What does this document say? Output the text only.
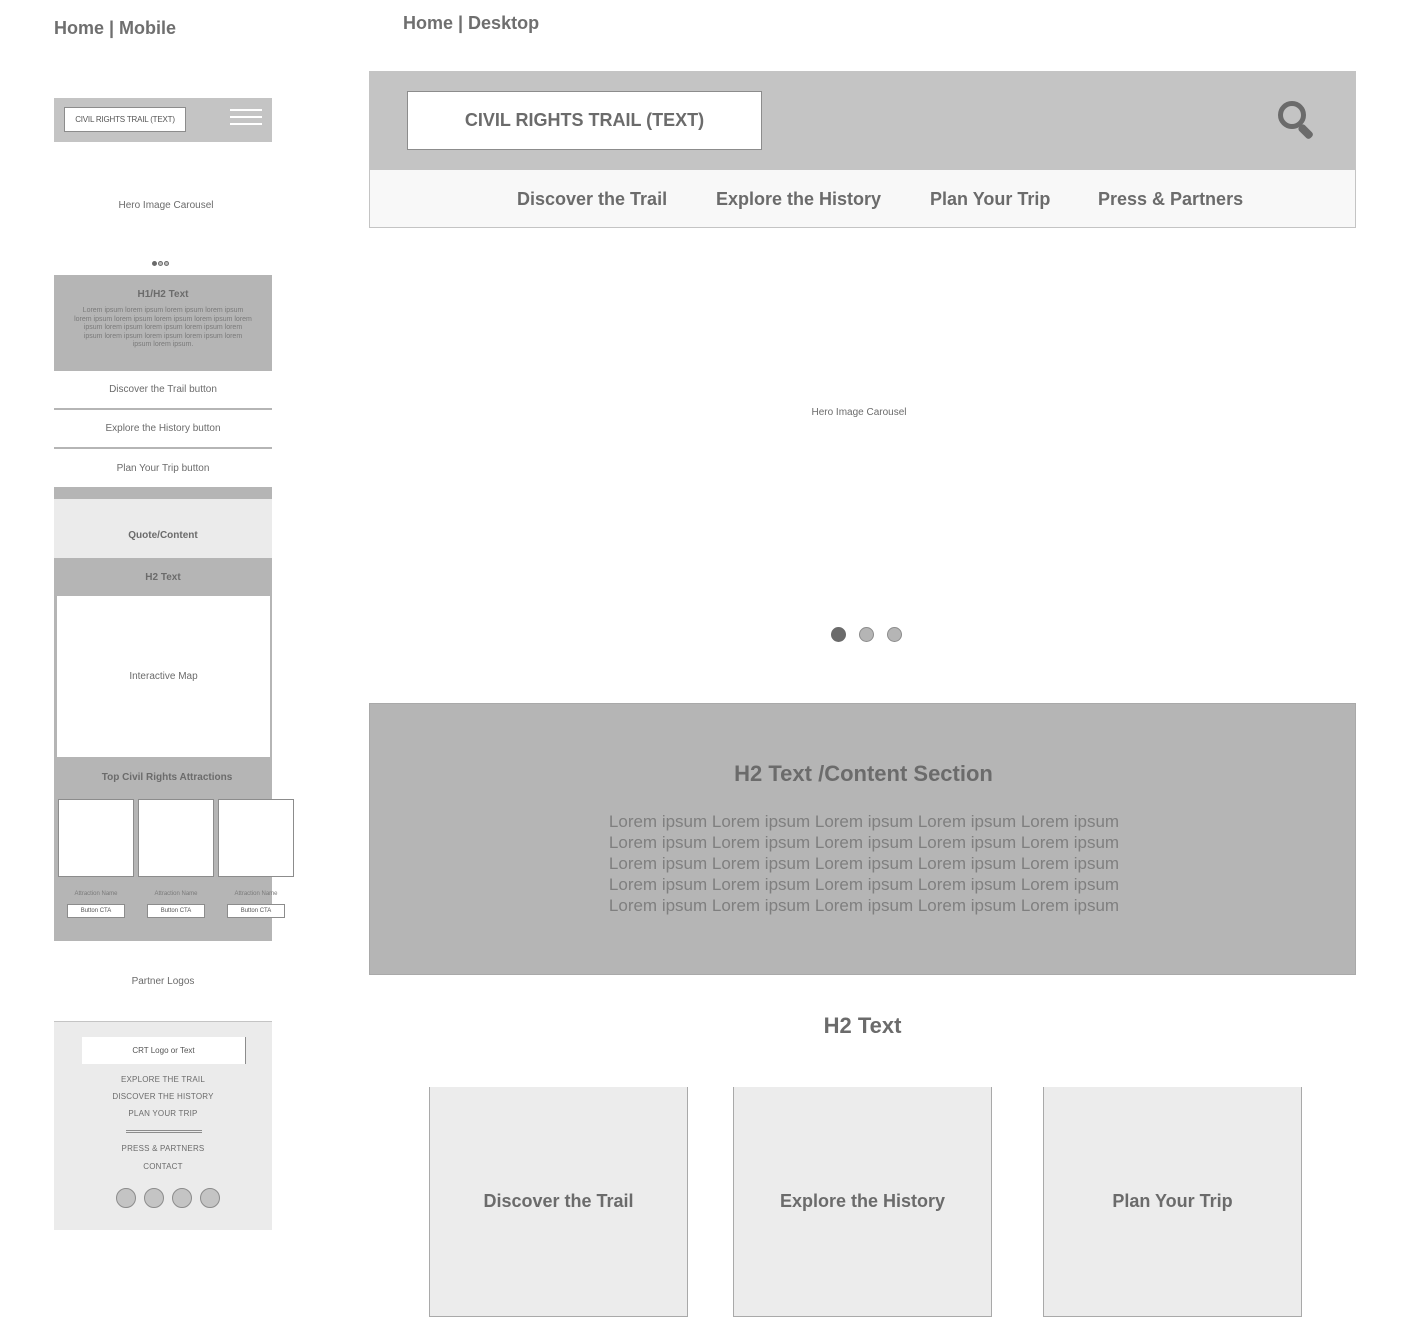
Home | Mobile
CIVIL RIGHTS TRAIL (TEXT)
Hero Image Carousel
H1/H2 Text
Lorem ipsum lorem ipsum lorem ipsum lorem ipsum lorem ipsum lorem ipsum lorem ipsum lorem ipsum lorem ipsum lorem ipsum lorem ipsum lorem ipsum lorem ipsum lorem ipsum lorem ipsum lorem ipsum lorem ipsum lorem ipsum.
Discover the Trail button
Explore the History button
Plan Your Trip button
Quote/Content
H2 Text
Interactive Map
Top Civil Rights Attractions
Attraction Name
Button CTA
Attraction Name
Button CTA
Attraction Name
Button CTA
Partner Logos
CRT Logo or Text
EXPLORE THE TRAIL
DISCOVER THE HISTORY
PLAN YOUR TRIP
PRESS & PARTNERS
CONTACT
Home | Desktop
CIVIL RIGHTS TRAIL (TEXT)
Discover the Trail	Explore the History	Plan Your Trip	Press & Partners
Hero Image Carousel
H2 Text /Content Section
Lorem ipsum Lorem ipsum Lorem ipsum Lorem ipsum Lorem ipsum Lorem ipsum Lorem ipsum Lorem ipsum Lorem ipsum Lorem ipsum Lorem ipsum Lorem ipsum Lorem ipsum Lorem ipsum Lorem ipsum Lorem ipsum Lorem ipsum Lorem ipsum Lorem ipsum Lorem ipsum Lorem ipsum Lorem ipsum Lorem ipsum Lorem ipsum Lorem ipsum
H2 Text
Discover the Trail	Explore the History	Plan Your Trip
